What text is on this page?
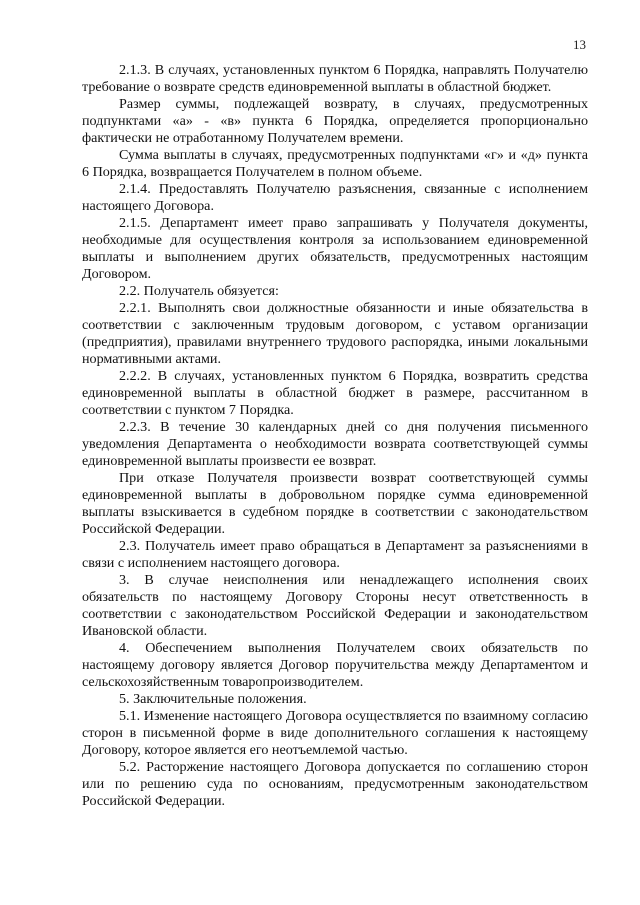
13

2.1.3. В случаях, установленных пунктом 6 Порядка, направлять Получателю требование о возврате средств единовременной выплаты в областной бюджет.

Размер суммы, подлежащей возврату, в случаях, предусмотренных подпунктами «а» - «в» пункта 6 Порядка, определяется пропорционально фактически не отработанному Получателем времени.

Сумма выплаты в случаях, предусмотренных подпунктами «г» и «д» пункта 6 Порядка, возвращается Получателем в полном объеме.

2.1.4. Предоставлять Получателю разъяснения, связанные с исполнением настоящего Договора.

2.1.5. Департамент имеет право запрашивать у Получателя документы, необходимые для осуществления контроля за использованием единовременной выплаты и выполнением других обязательств, предусмотренных настоящим Договором.

2.2. Получатель обязуется:

2.2.1. Выполнять свои должностные обязанности и иные обязательства в соответствии с заключенным трудовым договором, с уставом организации (предприятия), правилами внутреннего трудового распорядка, иными локальными нормативными актами.

2.2.2. В случаях, установленных пунктом 6 Порядка, возвратить средства единовременной выплаты в областной бюджет в размере, рассчитанном в соответствии с пунктом 7 Порядка.

2.2.3. В течение 30 календарных дней со дня получения письменного уведомления Департамента о необходимости возврата соответствующей суммы единовременной выплаты произвести ее возврат.

При отказе Получателя произвести возврат соответствующей суммы единовременной выплаты в добровольном порядке сумма единовременной выплаты взыскивается в судебном порядке в соответствии с законодательством Российской Федерации.

2.3. Получатель имеет право обращаться в Департамент за разъяснениями в связи с исполнением настоящего договора.

3. В случае неисполнения или ненадлежащего исполнения своих обязательств по настоящему Договору Стороны несут ответственность в соответствии с законодательством Российской Федерации и законодательством Ивановской области.

4. Обеспечением выполнения Получателем своих обязательств по настоящему договору является Договор поручительства между Департаментом и сельскохозяйственным товаропроизводителем.

5. Заключительные положения.

5.1. Изменение настоящего Договора осуществляется по взаимному согласию сторон в письменной форме в виде дополнительного соглашения к настоящему Договору, которое является его неотъемлемой частью.

5.2. Расторжение настоящего Договора допускается по соглашению сторон или по решению суда по основаниям, предусмотренным законодательством Российской Федерации.
